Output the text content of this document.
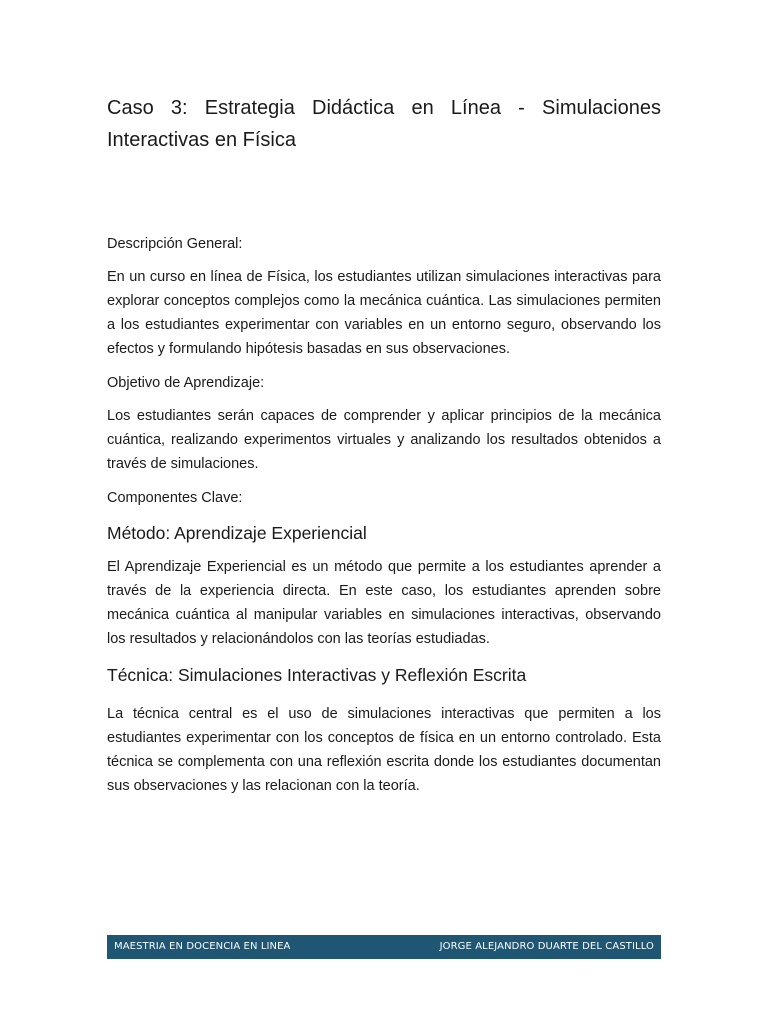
Caso 3: Estrategia Didáctica en Línea - Simulaciones Interactivas en Física

Descripción General:

En un curso en línea de Física, los estudiantes utilizan simulaciones interactivas para explorar conceptos complejos como la mecánica cuántica. Las simulaciones permiten a los estudiantes experimentar con variables en un entorno seguro, observando los efectos y formulando hipótesis basadas en sus observaciones.

Objetivo de Aprendizaje:

Los estudiantes serán capaces de comprender y aplicar principios de la mecánica cuántica, realizando experimentos virtuales y analizando los resultados obtenidos a través de simulaciones.

Componentes Clave:

Método: Aprendizaje Experiencial

El Aprendizaje Experiencial es un método que permite a los estudiantes aprender a través de la experiencia directa. En este caso, los estudiantes aprenden sobre mecánica cuántica al manipular variables en simulaciones interactivas, observando los resultados y relacionándolos con las teorías estudiadas.

Técnica: Simulaciones Interactivas y Reflexión Escrita

La técnica central es el uso de simulaciones interactivas que permiten a los estudiantes experimentar con los conceptos de física en un entorno controlado. Esta técnica se complementa con una reflexión escrita donde los estudiantes documentan sus observaciones y las relacionan con la teoría.

MAESTRIA EN DOCENCIA EN LINEA	JORGE ALEJANDRO DUARTE DEL CASTILLO
